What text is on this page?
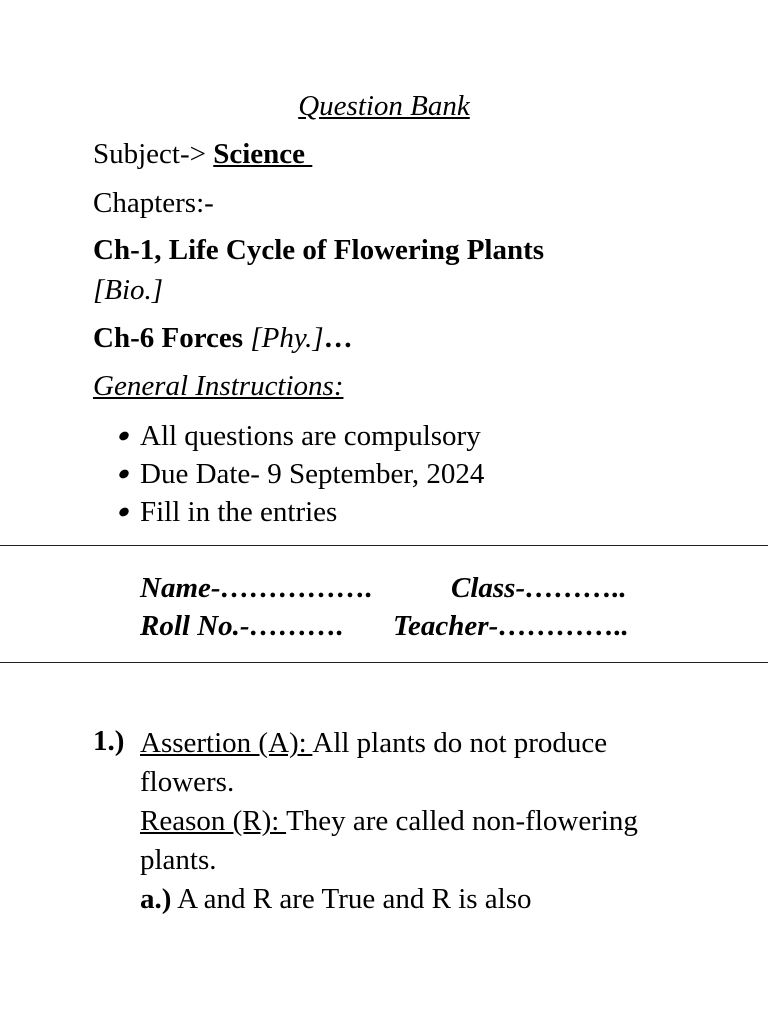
Question Bank
Subject-> Science
Chapters:-
Ch-1, Life Cycle of Flowering Plants
[Bio.]
Ch-6 Forces [Phy.]…
General Instructions:
All questions are compulsory
Due Date- 9 September, 2024
Fill in the entries
Name-…………….	Class-………..
Roll No.-………. Teacher-…………..
1.) Assertion (A): All plants do not produce flowers.

Reason (R): They are called non-flowering plants.

a.) A and R are True and R is also
